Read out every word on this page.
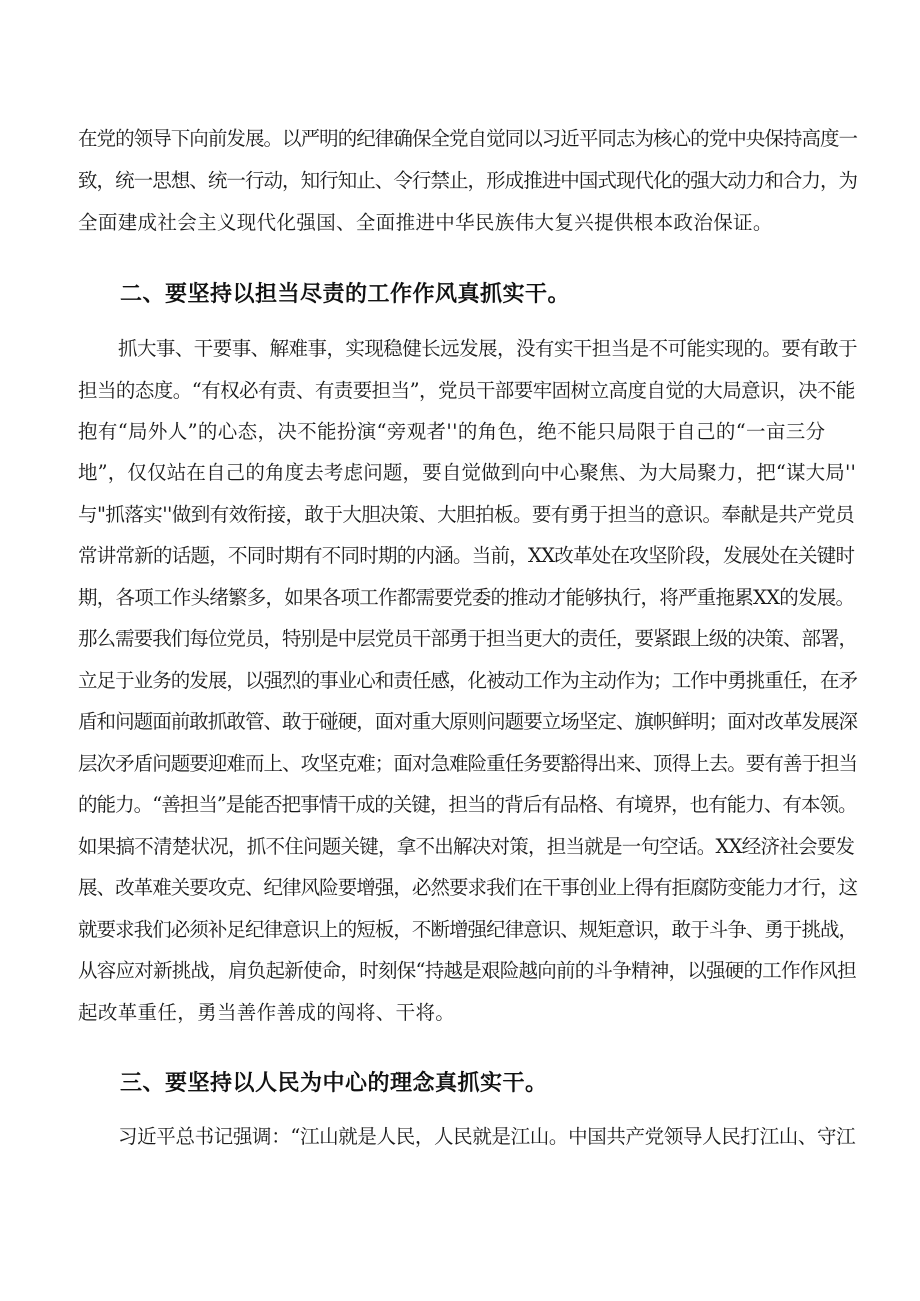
在党的领导下向前发展。以严明的纪律确保全党自觉同以习近平同志为核心的党中央保持高度一
致，统一思想、统一行动，知行知止、令行禁止，形成推进中国式现代化的强大动力和合力，为
全面建成社会主义现代化强国、全面推进中华民族伟大复兴提供根本政治保证。
二、要坚持以担当尽责的工作作风真抓实干。
抓大事、干要事、解难事，实现稳健长远发展，没有实干担当是不可能实现的。要有敢于
担当的态度。“有权必有责、有责要担当”，党员干部要牢固树立高度自觉的大局意识，决不能
抱有“局外人”的心态，决不能扮演“旁观者''的角色，绝不能只局限于自己的“一亩三分
地”，仅仅站在自己的角度去考虑问题，要自觉做到向中心聚焦、为大局聚力，把“谋大局''
与"抓落实''做到有效衔接，敢于大胆决策、大胆拍板。要有勇于担当的意识。奉献是共产党员
常讲常新的话题，不同时期有不同时期的内涵。当前，XX改革处在攻坚阶段，发展处在关键时
期，各项工作头绪繁多，如果各项工作都需要党委的推动才能够执行，将严重拖累XX的发展。
那么需要我们每位党员，特别是中层党员干部勇于担当更大的责任，要紧跟上级的决策、部署，
立足于业务的发展，以强烈的事业心和责任感，化被动工作为主动作为；工作中勇挑重任，在矛
盾和问题面前敢抓敢管、敢于碰硬，面对重大原则问题要立场坚定、旗帜鲜明；面对改革发展深
层次矛盾问题要迎难而上、攻坚克难；面对急难险重任务要豁得出来、顶得上去。要有善于担当
的能力。“善担当”是能否把事情干成的关键，担当的背后有品格、有境界，也有能力、有本领。
如果搞不清楚状况，抓不住问题关键，拿不出解决对策，担当就是一句空话。XX经济社会要发
展、改革难关要攻克、纪律风险要增强，必然要求我们在干事创业上得有拒腐防变能力才行，这
就要求我们必须补足纪律意识上的短板，不断增强纪律意识、规矩意识，敢于斗争、勇于挑战，
从容应对新挑战，肩负起新使命，时刻保“持越是艰险越向前的斗争精神，以强硬的工作作风担
起改革重任，勇当善作善成的闯将、干将。
三、要坚持以人民为中心的理念真抓实干。
习近平总书记强调：“江山就是人民，人民就是江山。中国共产党领导人民打江山、守江
